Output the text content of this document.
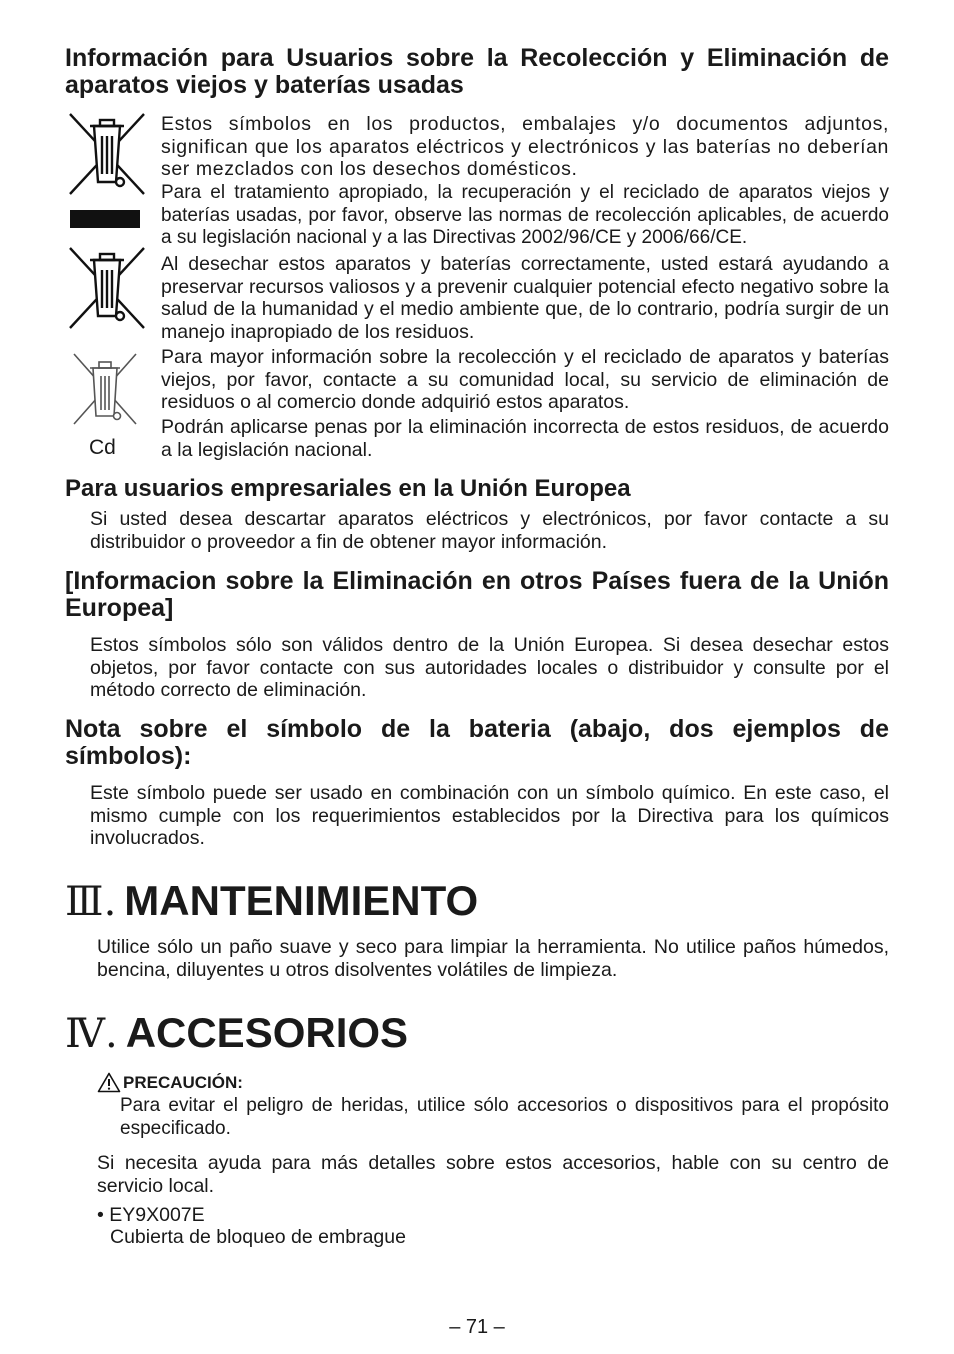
Información para Usuarios sobre la Recolección y Eliminación de aparatos viejos y baterías usadas
Cd

Estos símbolos en los productos, embalajes y/o documentos adjuntos, significan que los aparatos eléctricos y electrónicos y las baterías no deberían ser mezclados con los desechos domésticos.

Para el tratamiento apropiado, la recuperación y el reciclado de aparatos viejos y baterías usadas, por favor, observe las normas de recolección aplicables, de acuerdo a su legislación nacional y a las Directivas 2002/96/CE y 2006/66/CE.

Al desechar estos aparatos y baterías correctamente, usted estará ayudando a preservar recursos valiosos y a prevenir cualquier potencial efecto negativo sobre la salud de la humanidad y el medio ambiente que, de lo contrario, podría surgir de un manejo inapropiado de los residuos.

Para mayor información sobre la recolección y el reciclado de aparatos y baterías viejos, por favor, contacte a su comunidad local, su servicio de eliminación de residuos o al comercio donde adquirió estos aparatos.

Podrán aplicarse penas por la eliminación incorrecta de estos residuos, de acuerdo a la legislación nacional.

Para usuarios empresariales en la Unión Europea

Si usted desea descartar aparatos eléctricos y electrónicos, por favor contacte a su distribuidor o proveedor a fin de obtener mayor información.

[Informacion sobre la Eliminación en otros Países fuera de la Unión Europea]

Estos símbolos sólo son válidos dentro de la Unión Europea. Si desea desechar estos objetos, por favor contacte con sus autoridades locales o distribuidor y consulte por el método correcto de eliminación.

Nota sobre el símbolo de la bateria (abajo, dos ejemplos de símbolos):

Este símbolo puede ser usado en combinación con un símbolo químico. En este caso, el mismo cumple con los requerimientos establecidos por la Directiva para los químicos involucrados.

Ⅲ. MANTENIMIENTO

Utilice sólo un paño suave y seco para limpiar la herramienta. No utilice paños húmedos, bencina, diluyentes u otros disolventes volátiles de limpieza.

Ⅳ. ACCESORIOS
PRECAUCIÓN:

Para evitar el peligro de heridas, utilice sólo accesorios o dispositivos para el propósito especificado.

Si necesita ayuda para más detalles sobre estos accesorios, hable con su centro de servicio local.

• EY9X007E
Cubierta de bloqueo de embrague
– 71 –
